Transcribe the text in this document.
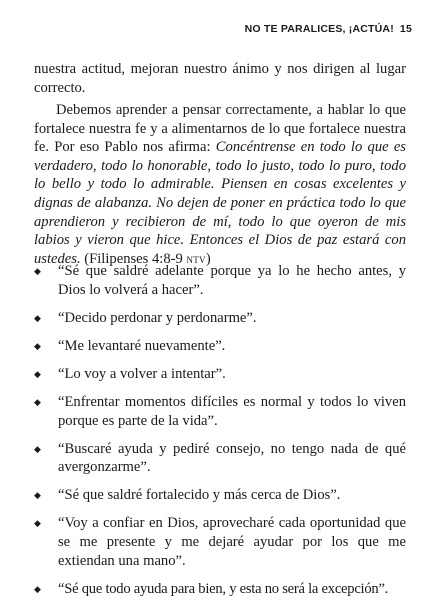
NO TE PARALICES, ¡ACTÚA! 15

nuestra actitud, mejoran nuestro ánimo y nos dirigen al lugar correcto.

Debemos aprender a pensar correctamente, a hablar lo que fortalece nuestra fe y a alimentarnos de lo que fortalece nuestra fe. Por eso Pablo nos afirma: Concéntrense en todo lo que es verdadero, todo lo honorable, todo lo justo, todo lo puro, todo lo bello y todo lo admirable. Piensen en cosas excelentes y dignas de alabanza. No dejen de poner en práctica todo lo que aprendieron y recibieron de mí, todo lo que oyeron de mis labios y vieron que hice. Entonces el Dios de paz estará con ustedes. (Filipenses 4:8-9 ntv)

◆ “Sé que saldré adelante porque ya lo he hecho antes, y Dios lo volverá a hacer”.
◆ “Decido perdonar y perdonarme”.
◆ “Me levantaré nuevamente”.
◆ “Lo voy a volver a intentar”.
◆ “Enfrentar momentos difíciles es normal y todos lo viven porque es parte de la vida”.
◆ “Buscaré ayuda y pediré consejo, no tengo nada de qué avergonzarme”.
◆ “Sé que saldré fortalecido y más cerca de Dios”.
◆ “Voy a confiar en Dios, aprovecharé cada oportunidad que se me presente y me dejaré ayudar por los que me extiendan una mano”.
◆ “Sé que todo ayuda para bien, y esta no será la excepción”.
